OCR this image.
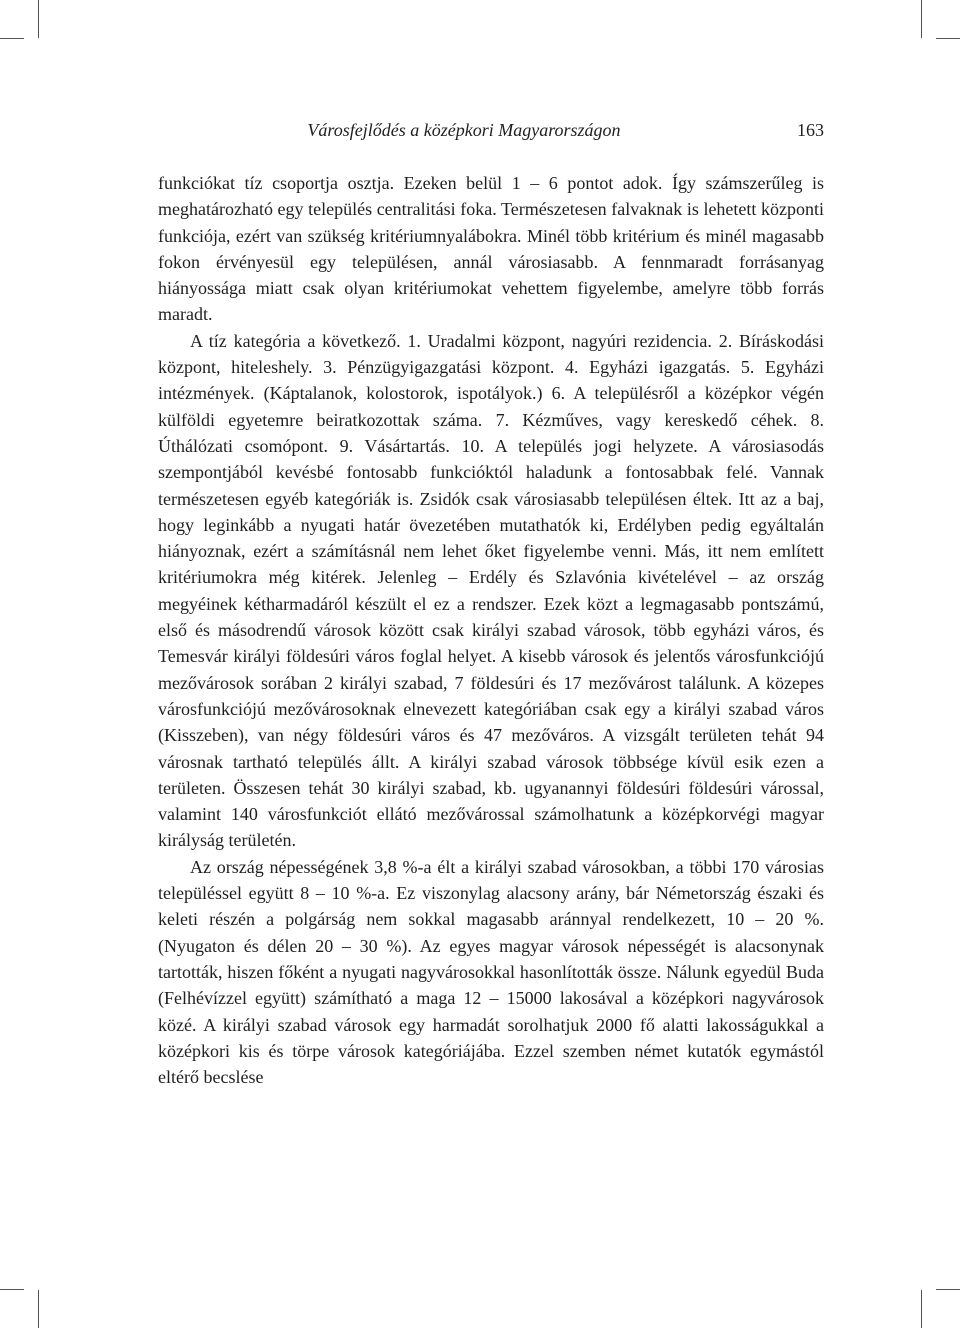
Városfejlődés a középkori Magyarországon	163

funkciókat tíz csoportja osztja. Ezeken belül 1 – 6 pontot adok. Így számszerűleg is meghatározható egy település centralitási foka. Természetesen falvaknak is lehetett központi funkciója, ezért van szükség kritériumnyalábokra. Minél több kritérium és minél magasabb fokon érvényesül egy településen, annál városiasabb. A fennmaradt forrásanyag hiányossága miatt csak olyan kritériumokat vehettem figyelembe, amelyre több forrás maradt.

A tíz kategória a következő. 1. Uradalmi központ, nagyúri rezidencia. 2. Bíráskodási központ, hiteleshely. 3. Pénzügyigazgatási központ. 4. Egyházi igazgatás. 5. Egyházi intézmények. (Káptalanok, kolostorok, ispotályok.) 6. A településről a középkor végén külföldi egyetemre beiratkozottak száma. 7. Kézműves, vagy kereskedő céhek. 8. Úthálózati csomópont. 9. Vásártartás. 10. A település jogi helyzete. A városiasodás szempontjából kevésbé fontosabb funkcióktól haladunk a fontosabbak felé. Vannak természetesen egyéb kategóriák is. Zsidók csak városiasabb településen éltek. Itt az a baj, hogy leginkább a nyugati határ övezetében mutathatók ki, Erdélyben pedig egyáltalán hiányoznak, ezért a számításnál nem lehet őket figyelembe venni. Más, itt nem említett kritériumokra még kitérek. Jelenleg – Erdély és Szlavónia kivételével – az ország megyéinek kétharmadáról készült el ez a rendszer. Ezek közt a legmagasabb pontszámú, első és másodrendű városok között csak királyi szabad városok, több egyházi város, és Temesvár királyi földesúri város foglal helyet. A kisebb városok és jelentős városfunkciójú mezővárosok sorában 2 királyi szabad, 7 földesúri és 17 mezővárost találunk. A közepes városfunkciójú mezővárosoknak elnevezett kategóriában csak egy a királyi szabad város (Kisszeben), van négy földesúri város és 47 mezőváros. A vizsgált területen tehát 94 városnak tartható település állt. A királyi szabad városok többsége kívül esik ezen a területen. Összesen tehát 30 királyi szabad, kb. ugyanannyi földesúri földesúri várossal, valamint 140 városfunkciót ellátó mezővárossal számolhatunk a középkorvégi magyar királyság területén.

Az ország népességének 3,8 %-a élt a királyi szabad városokban, a többi 170 városias településsel együtt 8 – 10 %-a. Ez viszonylag alacsony arány, bár Németország északi és keleti részén a polgárság nem sokkal magasabb aránnyal rendelkezett, 10 – 20 %. (Nyugaton és délen 20 – 30 %). Az egyes magyar városok népességét is alacsonynak tartották, hiszen főként a nyugati nagyvárosokkal hasonlították össze. Nálunk egyedül Buda (Felhévízzel együtt) számítható a maga 12 – 15000 lakosával a középkori nagyvárosok közé. A királyi szabad városok egy harmadát sorolhatjuk 2000 fő alatti lakosságukkal a középkori kis és törpe városok kategóriájába. Ezzel szemben német kutatók egymástól eltérő becslése
